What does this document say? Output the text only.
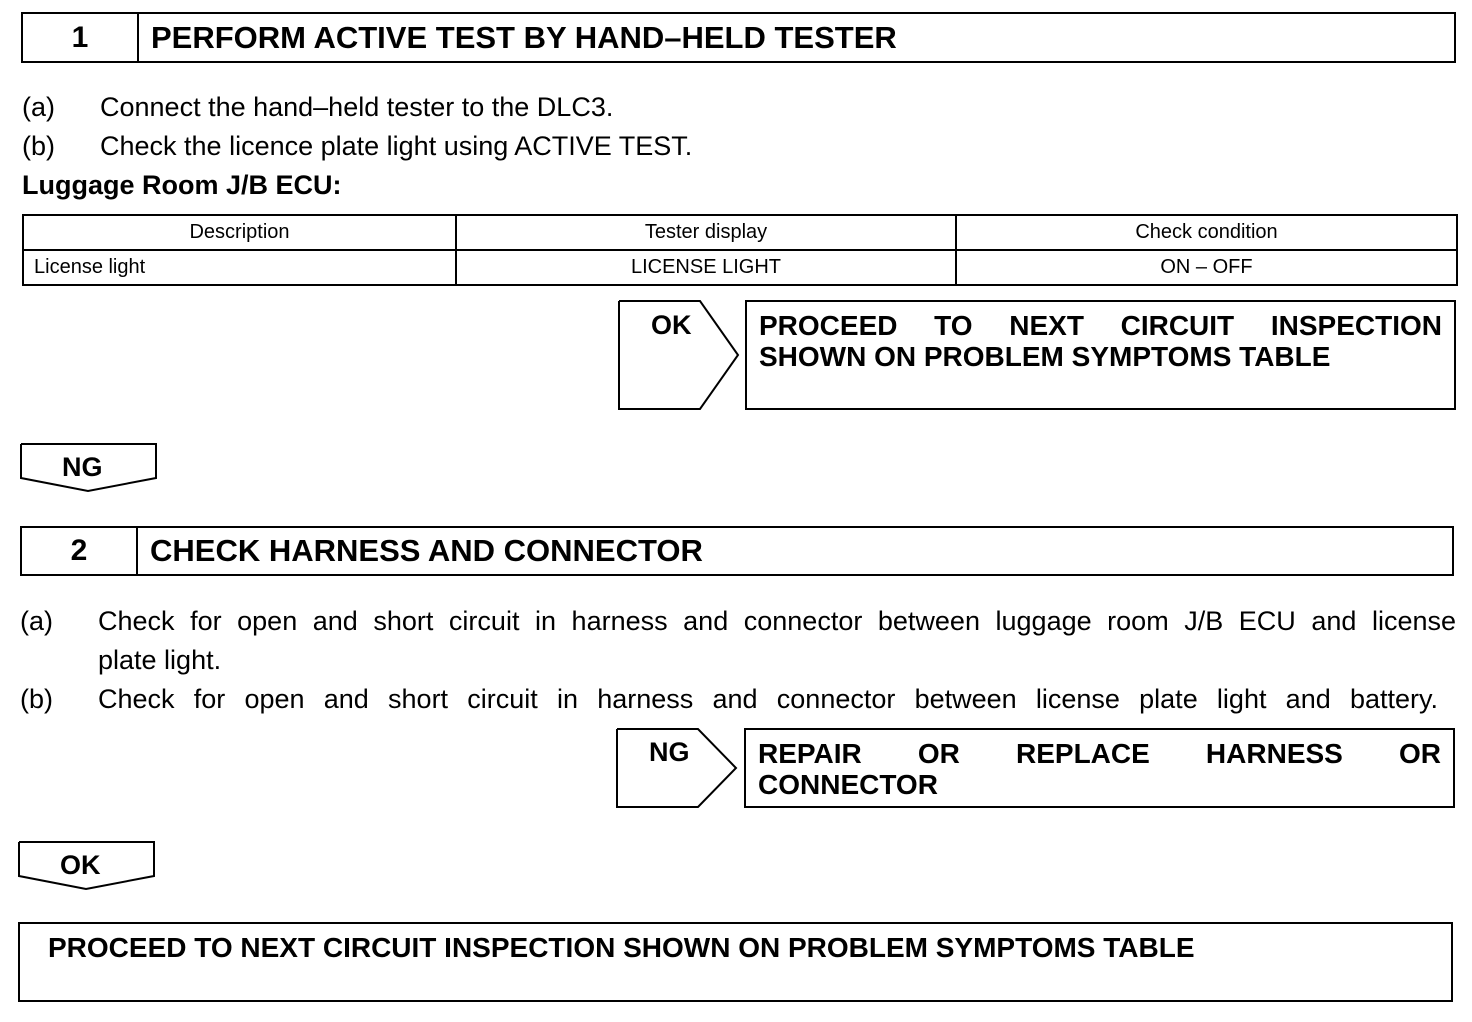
1	PERFORM ACTIVE TEST BY HAND–HELD TESTER
(a) Connect the hand–held tester to the DLC3.
(b) Check the licence plate light using ACTIVE TEST.
Luggage Room J/B ECU:
Description	Tester display	Check condition
License light	LICENSE LIGHT	ON – OFF
OK PROCEED TO NEXT CIRCUIT INSPECTION
SHOWN ON PROBLEM SYMPTOMS TABLE
NG
2	CHECK HARNESS AND CONNECTOR
(a) Check for open and short circuit in harness and connector between luggage room J/B ECU and license
plate light.
(b) Check for open and short circuit in harness and connector between license plate light and battery.
NG REPAIR OR REPLACE HARNESS OR
CONNECTOR
OK
PROCEED TO NEXT CIRCUIT INSPECTION SHOWN ON PROBLEM SYMPTOMS TABLE
